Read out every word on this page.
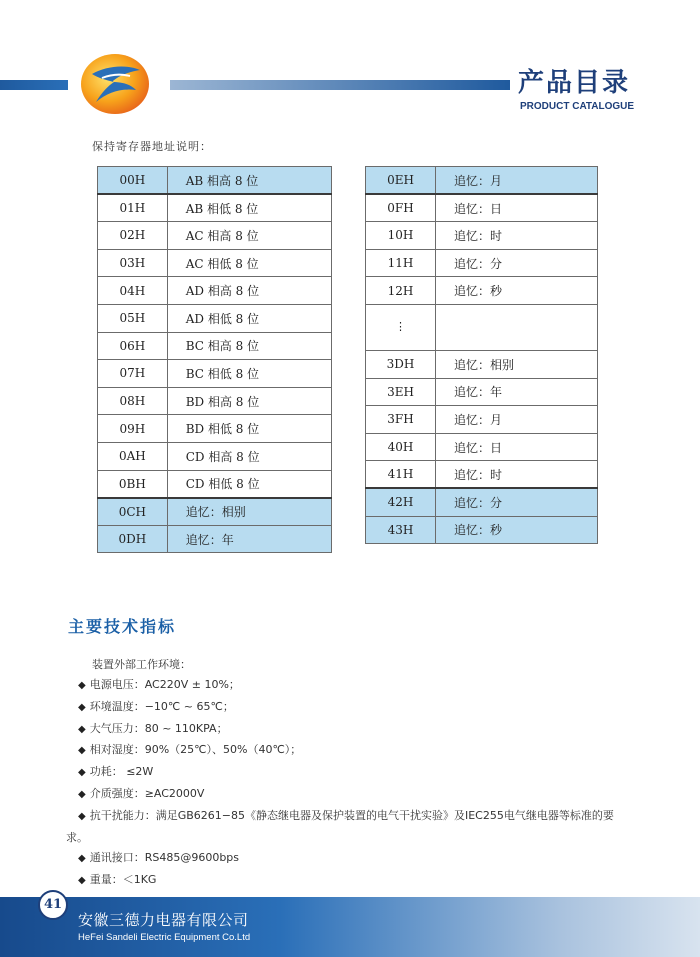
产品目录
PRODUCT CATALOGUE
保持寄存器地址说明：
00H	AB 相高 8 位
01H	AB 相低 8 位
02H	AC 相高 8 位
03H	AC 相低 8 位
04H	AD 相高 8 位
05H	AD 相低 8 位
06H	BC 相高 8 位
07H	BC 相低 8 位
08H	BD 相高 8 位
09H	BD 相低 8 位
0AH	CD 相高 8 位
0BH	CD 相低 8 位
0CH	追忆：相别
0DH	追忆：年
0EH	追忆：月
0FH	追忆：日
10H	追忆：时
11H	追忆：分
12H	追忆：秒
⋮	
3DH	追忆：相别
3EH	追忆：年
3FH	追忆：月
40H	追忆：日
41H	追忆：时
42H	追忆：分
43H	追忆：秒
主要技术指标
装置外部工作环境：
◆ 电源电压：AC220V ± 10%；
◆ 环境温度：−10℃ ~ 65℃；
◆ 大气压力：80 ~ 110KPA；
◆ 相对湿度：90%（25℃）、50%（40℃）；
◆ 功耗： ≤2W
◆ 介质强度：≥AC2000V
◆ 抗干扰能力：满足GB6261−85《静态继电器及保护装置的电气干扰实验》及IEC255电气继电器等标准的要
求。
◆ 通讯接口：RS485@9600bps
◆ 重量：＜1KG
41
安徽三德力电器有限公司
HeFei Sandeli Electric Equipment Co.Ltd
